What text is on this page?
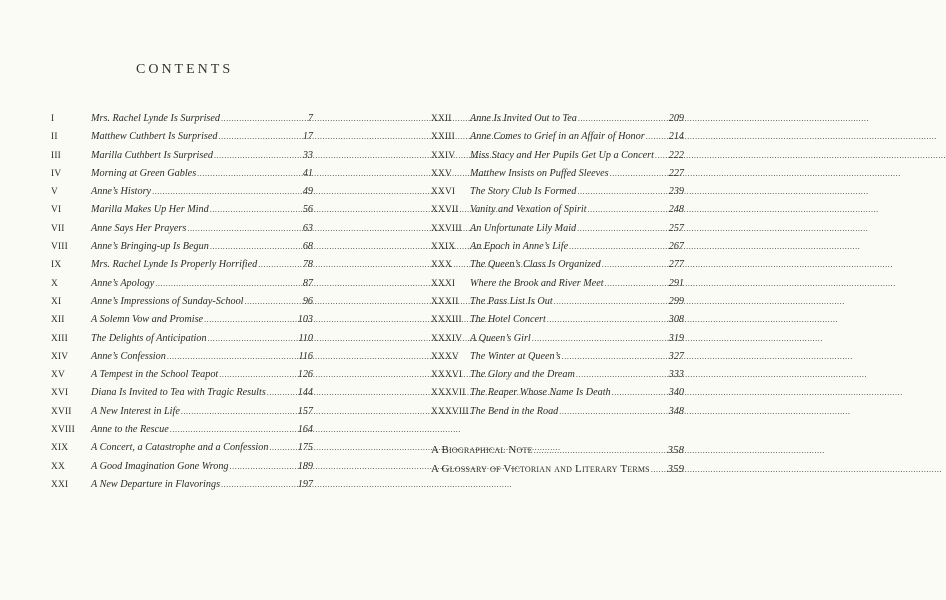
CONTENTS
I	Mrs. Rachel Lynde Is Surprised .....	7
II	Matthew Cuthbert Is Surprised .....	17
III	Marilla Cuthbert Is Surprised .....	33
IV	Morning at Green Gables .....	41
V	Anne’s History .....	49
VI	Marilla Makes Up Her Mind .....	56
VII	Anne Says Her Prayers .....	63
VIII	Anne’s Bringing-up Is Begun .....	68
IX	Mrs. Rachel Lynde Is Properly Horrified .....	78
X	Anne’s Apology .....	87
XI	Anne’s Impressions of Sunday-School .....	96
XII	A Solemn Vow and Promise .....	103
XIII	The Delights of Anticipation .....	110
XIV	Anne’s Confession .....	116
XV	A Tempest in the School Teapot .....	126
XVI	Diana Is Invited to Tea with Tragic Results .....	144
XVII	A New Interest in Life .....	157
XVIII	Anne to the Rescue .....	164
XIX	A Concert, a Catastrophe and a Confession .....	175
XX	A Good Imagination Gone Wrong .....	189
XXI	A New Departure in Flavorings .....	197
XXII	Anne Is Invited Out to Tea .....	209
XXIII	Anne Comes to Grief in an Affair of Honor ..... 214
XXIV	Miss Stacy and Her Pupils Get Up a Concert ..... 222
XXV	Matthew Insists on Puffed Sleeves .....	227
XXVI	The Story Club Is Formed .....	239
XXVII	Vanity and Vexation of Spirit .....	248
XXVIII An Unfortunate Lily Maid .....	257
XXIX	An Epoch in Anne’s Life .....	267
XXX	The Queen’s Class Is Organized .....	277
XXXI	Where the Brook and River Meet .....	291
XXXII	The Pass List Is Out .....	299
XXXIII The Hotel Concert .....	308
XXXIV A Queen’s Girl .....	319
XXXV	The Winter at Queen’s .....	327
XXXVI The Glory and the Dream .....	333
XXXVII The Reaper Whose Name Is Death .....	340
XXXVIII The Bend in the Road .....	348
A Biographical Note .....	358
A Glossary of Victorian and Literary Terms ..... 359
